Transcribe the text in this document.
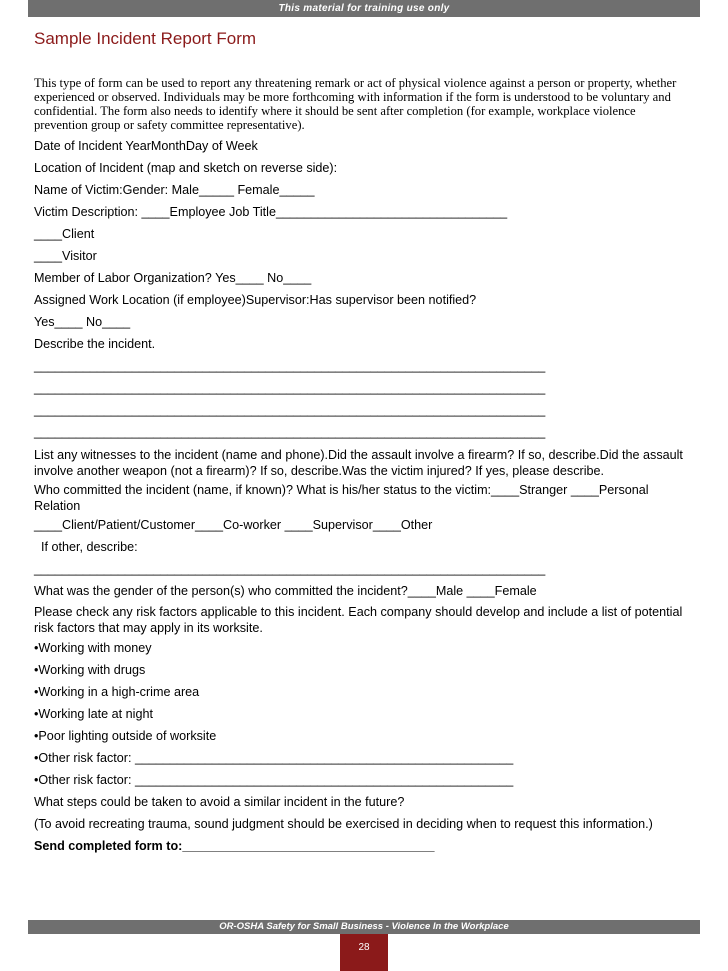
This material for training use only
Sample Incident Report Form
This type of form can be used to report any threatening remark or act of physical violence against a person or property, whether experienced or observed. Individuals may be more forthcoming with information if the form is understood to be voluntary and confidential. The form also needs to identify where it should be sent after completion (for example, workplace violence prevention group or safety committee representative).
Date of Incident YearMonthDay of Week
Location of Incident (map and sketch on reverse side):
Name of Victim:Gender: Male_____ Female_____
Victim Description: ____Employee Job Title_________________________________
____Client
____Visitor
Member of Labor Organization? Yes____ No____
Assigned Work Location (if employee)Supervisor:Has supervisor been notified?
Yes____ No____
Describe the incident.
_________________________________________________________________________
_________________________________________________________________________
_________________________________________________________________________
_________________________________________________________________________
List any witnesses to the incident (name and phone).Did the assault involve a firearm? If so, describe.Did the assault involve another weapon (not a firearm)? If so, describe.Was the victim injured? If yes, please describe.
Who committed the incident (name, if known)? What is his/her status to the victim:____Stranger ____Personal Relation
____Client/Patient/Customer____Co-worker ____Supervisor____Other
If other, describe:
_________________________________________________________________________
What was the gender of the person(s) who committed the incident?____Male ____Female
Please check any risk factors applicable to this incident. Each company should develop and include a list of potential risk factors that may apply in its worksite.
•Working with money
•Working with drugs
•Working in a high-crime area
•Working late at night
•Poor lighting outside of worksite
•Other risk factor: ______________________________________________________
•Other risk factor: ______________________________________________________
What steps could be taken to avoid a similar incident in the future?
(To avoid recreating trauma, sound judgment should be exercised in deciding when to request this information.)
Send completed form to:____________________________________
OR-OSHA Safety for Small Business - Violence In the Workplace
28
